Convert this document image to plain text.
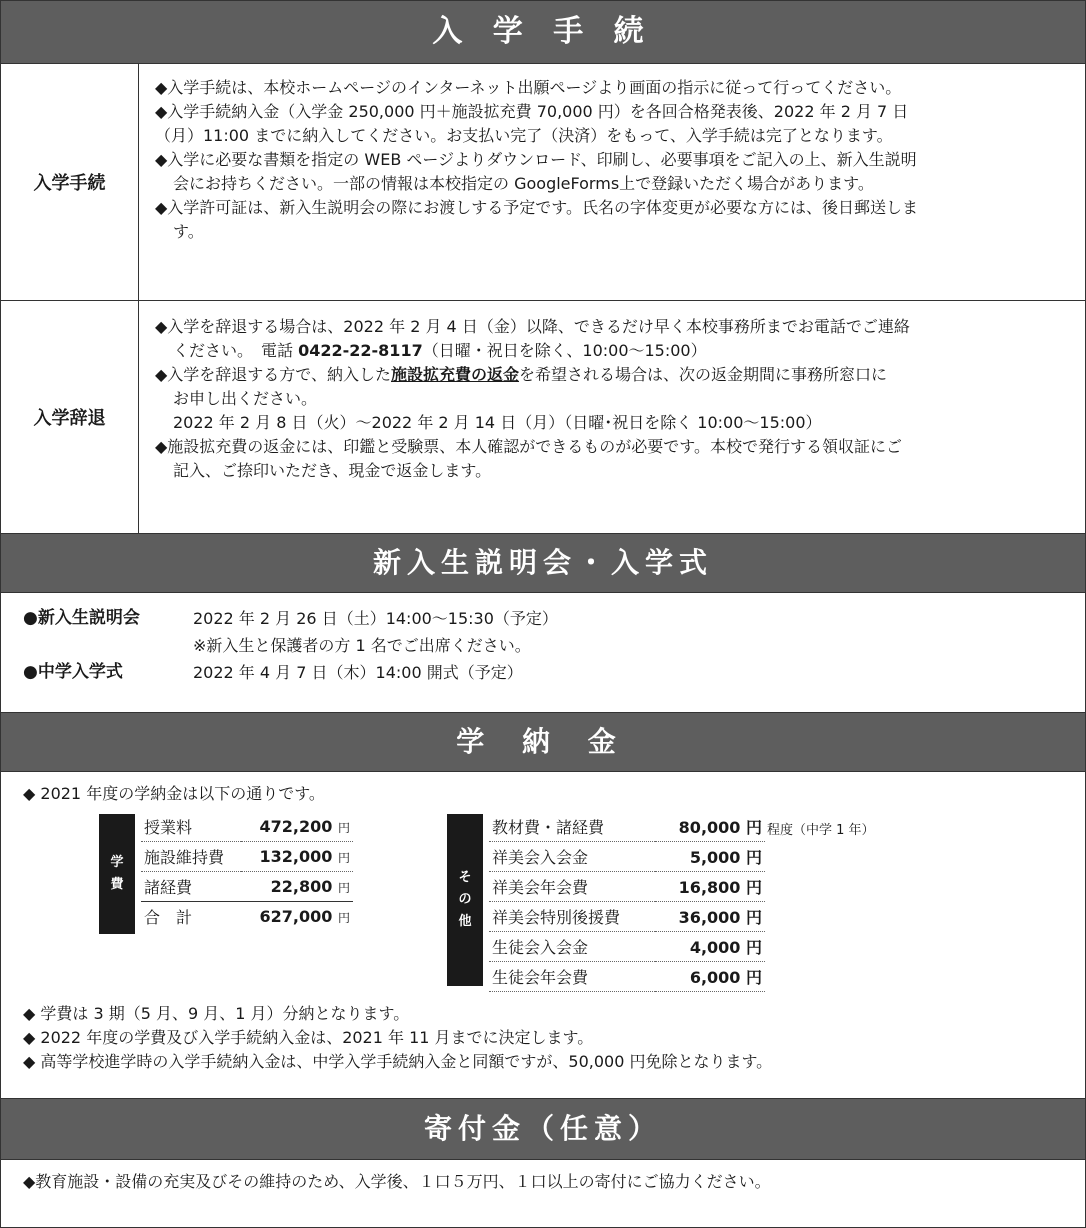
入 学 手 続
入学手続

◆入学手続は、本校ホームページのインターネット出願ページより画面の指示に従って行ってください。

◆入学手続納入金（入学金 250,000 円＋施設拡充費 70,000 円）を各回合格発表後、2022 年 2 月 7 日

（月）11:00 までに納入してください。お支払い完了（決済）をもって、入学手続は完了となります。

◆入学に必要な書類を指定の WEB ページよりダウンロード、印刷し、必要事項をご記入の上、新入生説明

会にお持ちください。一部の情報は本校指定の GoogleForms上で登録いただく場合があります。

◆入学許可証は、新入生説明会の際にお渡しする予定です。氏名の字体変更が必要な方には、後日郵送しま

す。

入学辞退

◆入学を辞退する場合は、2022 年 2 月 4 日（金）以降、できるだけ早く本校事務所までお電話でご連絡

ください。　電話 0422-22-8117（日曜・祝日を除く、10:00～15:00）

◆入学を辞退する方で、納入した施設拡充費の返金を希望される場合は、次の返金期間に事務所窓口に

お申し出ください。

2022 年 2 月 8 日（火）～2022 年 2 月 14 日（月）（日曜･祝日を除く 10:00～15:00）

◆施設拡充費の返金には、印鑑と受験票、本人確認ができるものが必要です。本校で発行する領収証にご

記入、ご捺印いただき、現金で返金します。

新入生説明会・入学式
●新入生説明会	2022 年 2 月 26 日（土）14:00～15:30（予定）
※新入生と保護者の方 1 名でご出席ください。
●中学入学式	2022 年 4 月 7 日（木）14:00 開式（予定）
学 納 金

◆ 2021 年度の学納金は以下の通りです。

学
費
授業料	472,200 円
施設維持費	132,000 円
諸経費	22,800 円
合　計	627,000 円
そ
の
他
教材費・諸経費	80,000 円
祥美会入会金	5,000 円
祥美会年会費	16,800 円
祥美会特別後援費	36,000 円
生徒会入会金	4,000 円
生徒会年会費	6,000 円
程度（中学 1 年）

◆ 学費は 3 期（5 月、9 月、1 月）分納となります。

◆ 2022 年度の学費及び入学手続納入金は、2021 年 11 月までに決定します。

◆ 高等学校進学時の入学手続納入金は、中学入学手続納入金と同額ですが、50,000 円免除となります。

寄付金（任意）

◆教育施設・設備の充実及びその維持のため、入学後、１口５万円、１口以上の寄付にご協力ください。
